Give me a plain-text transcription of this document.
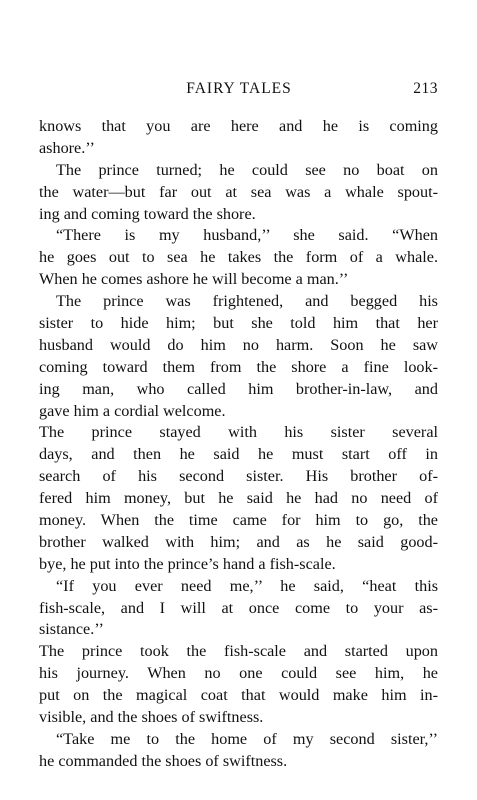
FAIRY TALES	213
knows that you are here and he is coming
ashore.’’
The prince turned; he could see no boat on
the water—but far out at sea was a whale spout-
ing and coming toward the shore.
“There is my husband,’’ she said. “When
he goes out to sea he takes the form of a whale.
When he comes ashore he will become a man.’’
The prince was frightened, and begged his
sister to hide him; but she told him that her
husband would do him no harm. Soon he saw
coming toward them from the shore a fine look-
ing man, who called him brother-in-law, and
gave him a cordial welcome.
The prince stayed with his sister several
days, and then he said he must start off in
search of his second sister. His brother of-
fered him money, but he said he had no need of
money. When the time came for him to go, the
brother walked with him; and as he said good-
bye, he put into the prince’s hand a fish-scale.
“If you ever need me,’’ he said, “heat this
fish-scale, and I will at once come to your as-
sistance.’’
The prince took the fish-scale and started upon
his journey. When no one could see him, he
put on the magical coat that would make him in-
visible, and the shoes of swiftness.
“Take me to the home of my second sister,’’
he commanded the shoes of swiftness.
